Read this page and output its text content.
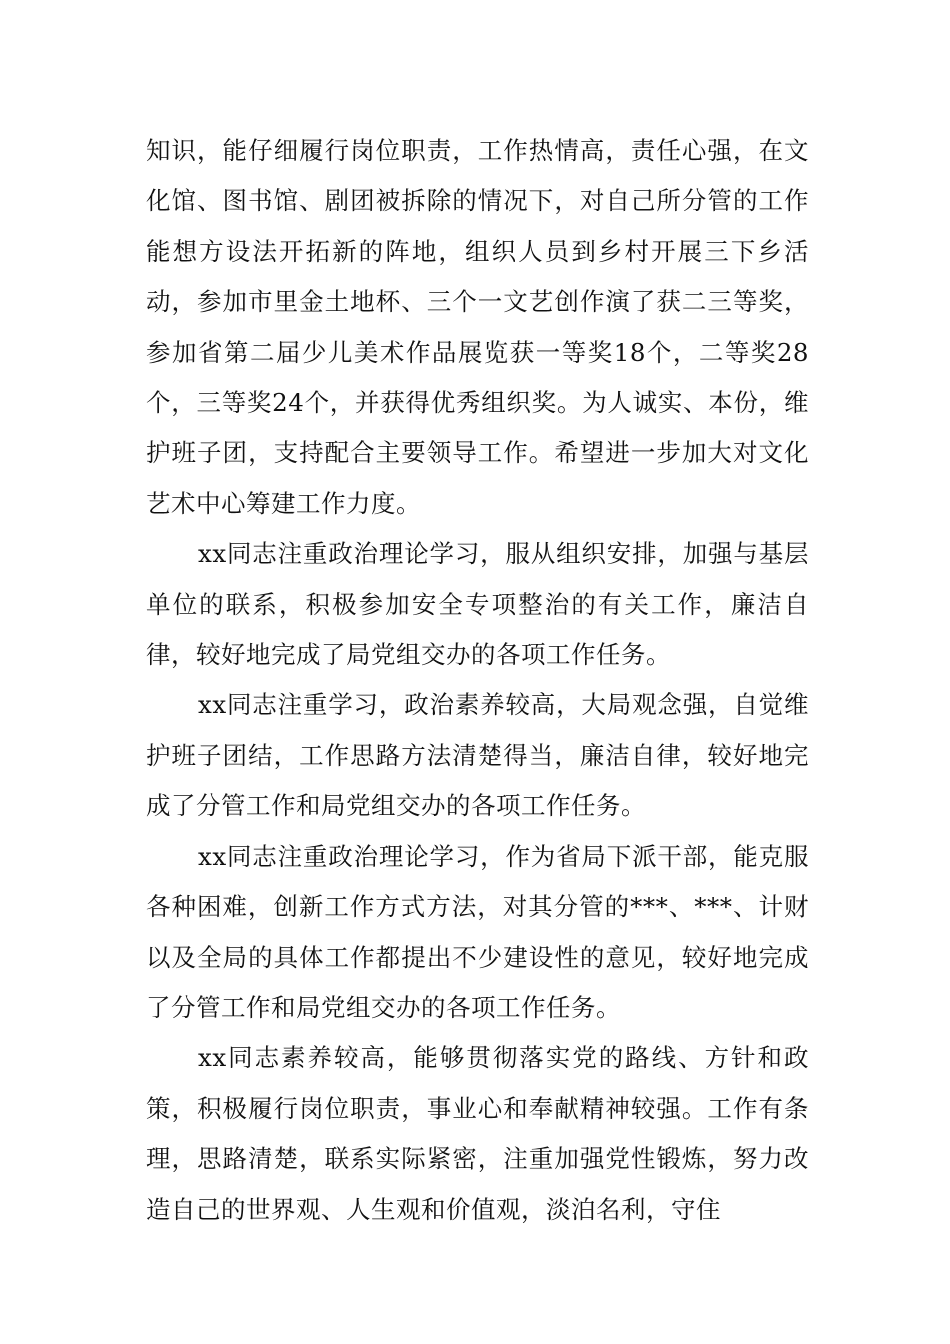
知识，能仔细履行岗位职责，工作热情高，责任心强，在文化馆、图书馆、剧团被拆除的情况下，对自己所分管的工作能想方设法开拓新的阵地，组织人员到乡村开展三下乡活动，参加市里金土地杯、三个一文艺创作演了获二三等奖，参加省第二届少儿美术作品展览获一等奖18个，二等奖28个，三等奖24个，并获得优秀组织奖。为人诚实、本份，维护班子团，支持配合主要领导工作。希望进一步加大对文化艺术中心筹建工作力度。

xx同志注重政治理论学习，服从组织安排，加强与基层单位的联系，积极参加安全专项整治的有关工作，廉洁自律，较好地完成了局党组交办的各项工作任务。

xx同志注重学习，政治素养较高，大局观念强，自觉维护班子团结，工作思路方法清楚得当，廉洁自律，较好地完成了分管工作和局党组交办的各项工作任务。

xx同志注重政治理论学习，作为省局下派干部，能克服各种困难，创新工作方式方法，对其分管的***、***、计财以及全局的具体工作都提出不少建设性的意见，较好地完成了分管工作和局党组交办的各项工作任务。

xx同志素养较高，能够贯彻落实党的路线、方针和政策，积极履行岗位职责，事业心和奉献精神较强。工作有条理，思路清楚，联系实际紧密，注重加强党性锻炼，努力改造自己的世界观、人生观和价值观，淡泊名利，守住
